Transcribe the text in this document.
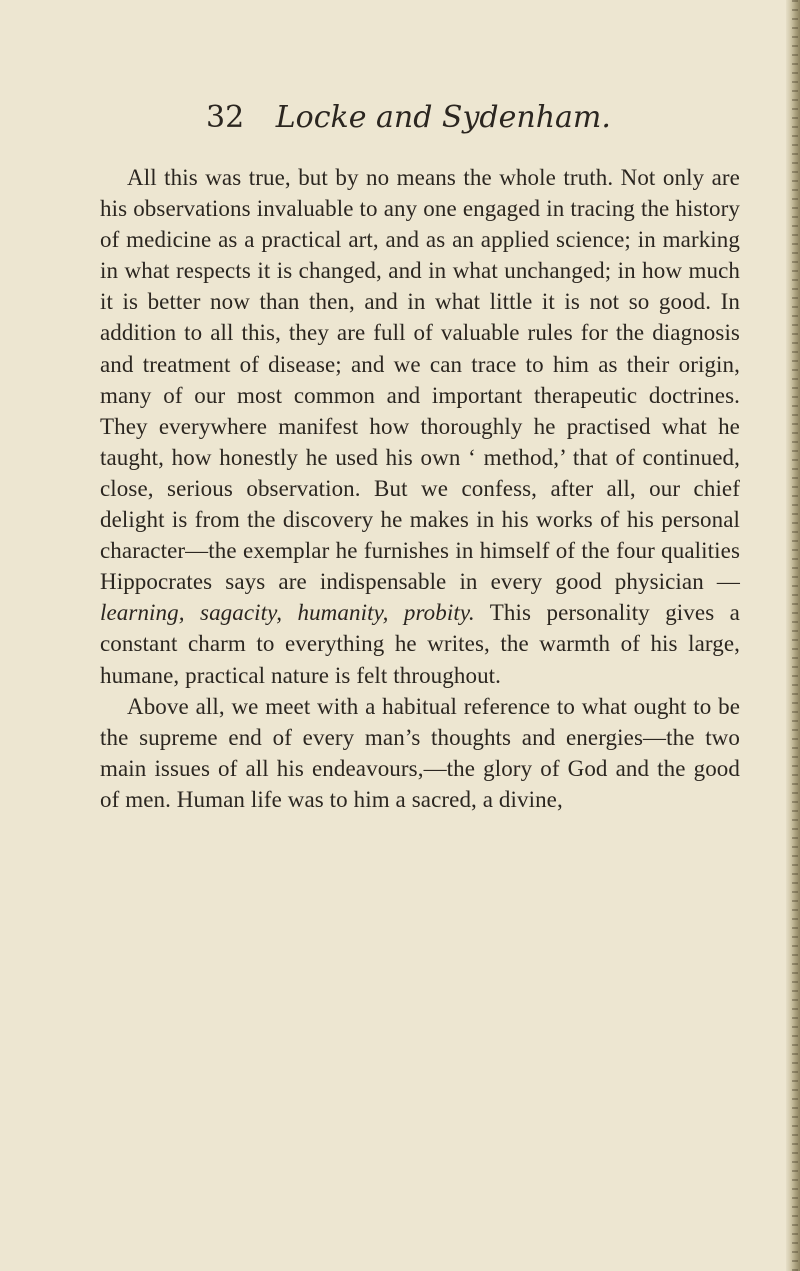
32 Locke and Sydenham.

All this was true, but by no means the whole truth. Not only are his observations invaluable to any one engaged in tracing the history of medicine as a practical art, and as an applied science; in marking in what respects it is changed, and in what unchanged; in how much it is better now than then, and in what little it is not so good. In addition to all this, they are full of valuable rules for the diagnosis and treatment of disease; and we can trace to him as their origin, many of our most common and important therapeutic doctrines. They everywhere manifest how thoroughly he practised what he taught, how honestly he used his own ‘ method,’ that of continued, close, serious observation. But we confess, after all, our chief delight is from the discovery he makes in his works of his personal character—the exemplar he furnishes in himself of the four qualities Hippocrates says are indispensable in every good physician — learning, sagacity, humanity, probity. This personality gives a constant charm to everything he writes, the warmth of his large, humane, practical nature is felt throughout.

Above all, we meet with a habitual reference to what ought to be the supreme end of every man’s thoughts and energies—the two main issues of all his endeavours,—the glory of God and the good of men. Human life was to him a sacred, a divine,
